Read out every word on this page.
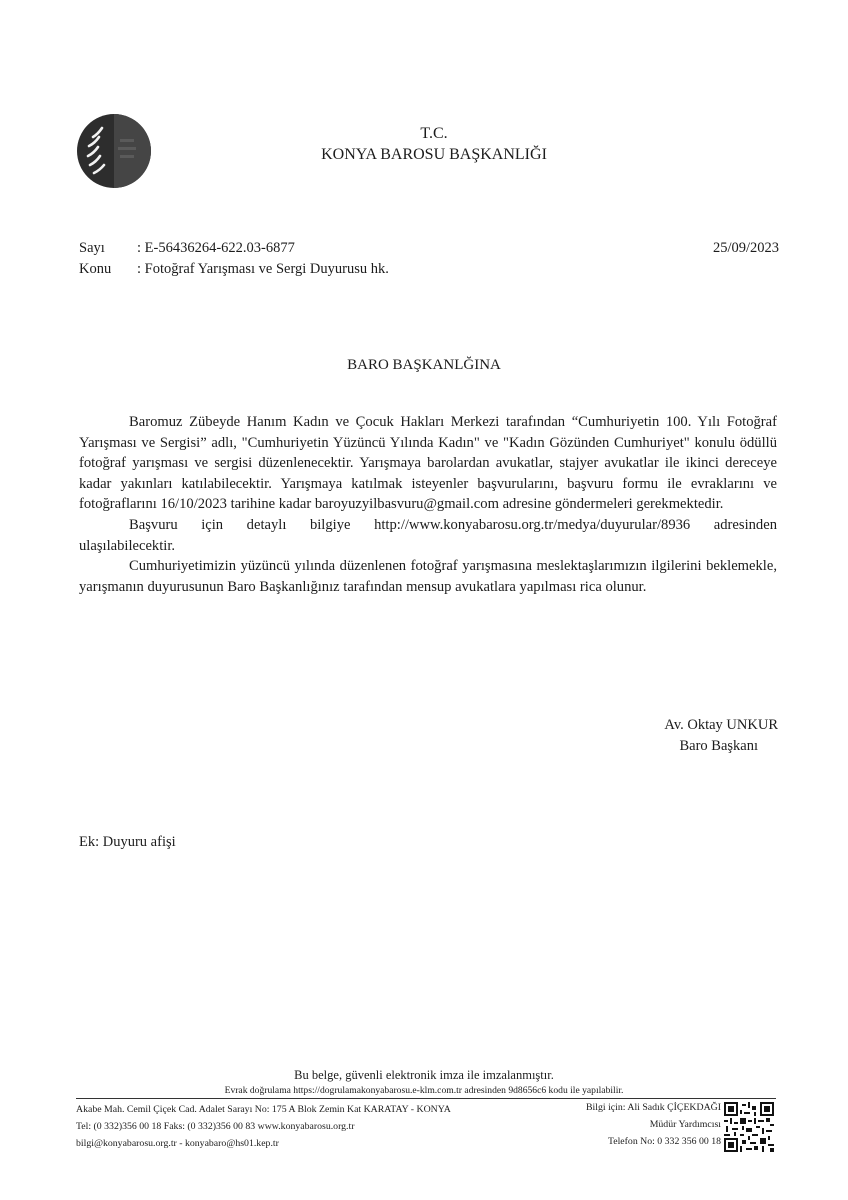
T.C.
KONYA BAROSU BAŞKANLIĞI
Sayı : E-56436264-622.03-6877
Konu : Fotoğraf Yarışması ve Sergi Duyurusu hk.
25/09/2023
BARO BAŞKANLĞINA

Baromuz Zübeyde Hanım Kadın ve Çocuk Hakları Merkezi tarafından “Cumhuriyetin 100. Yılı Fotoğraf Yarışması ve Sergisi” adlı, "Cumhuriyetin Yüzüncü Yılında Kadın" ve "Kadın Gözünden Cumhuriyet" konulu ödüllü fotoğraf yarışması ve sergisi düzenlenecektir. Yarışmaya barolardan avukatlar, stajyer avukatlar ile ikinci dereceye kadar yakınları katılabilecektir. Yarışmaya katılmak isteyenler başvurularını, başvuru formu ile evraklarını ve fotoğraflarını 16/10/2023 tarihine kadar baroyuzyilbasvuru@gmail.com adresine göndermeleri gerekmektedir.

Başvuru için detaylı bilgiye http://www.konyabarosu.org.tr/medya/duyurular/8936 adresinden ulaşılabilecektir.

Cumhuriyetimizin yüzüncü yılında düzenlenen fotoğraf yarışmasına meslektaşlarımızın ilgilerini beklemekle, yarışmanın duyurusunun Baro Başkanlığınız tarafından mensup avukatlara yapılması rica olunur.

Av. Oktay UNKUR
Baro Başkanı
Ek: Duyuru afişi
Bu belge, güvenli elektronik imza ile imzalanmıştır.
Evrak doğrulama https://dogrulamakonyabarosu.e-klm.com.tr adresinden 9d8656c6 kodu ile yapılabilir.
Akabe Mah. Cemil Çiçek Cad. Adalet Sarayı No: 175 A Blok Zemin Kat KARATAY - KONYA
Tel: (0 332)356 00 18 Faks: (0 332)356 00 83 www.konyabarosu.org.tr
bilgi@konyabarosu.org.tr - konyabaro@hs01.kep.tr
Bilgi için: Ali Sadık ÇİÇEKDAĞI
Müdür Yardımcısı
Telefon No: 0 332 356 00 18
